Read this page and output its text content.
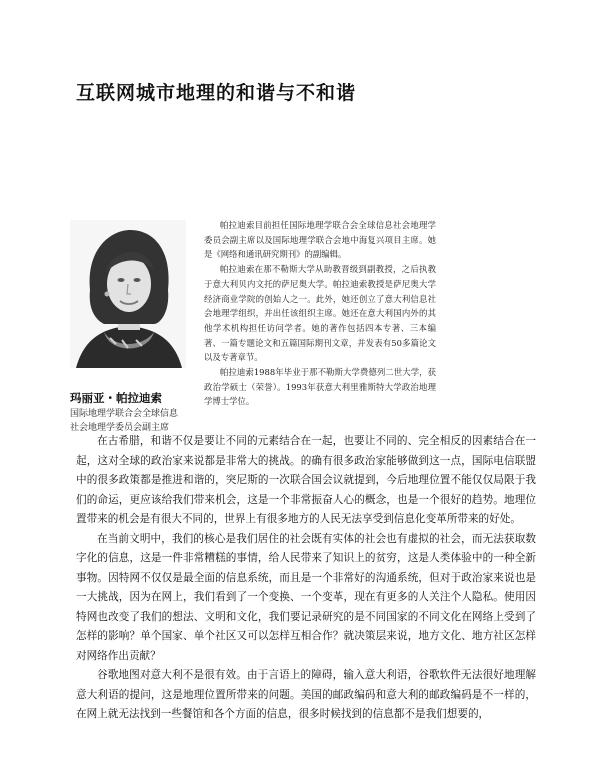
互联网城市地理的和谐与不和谐
玛丽亚・帕拉迪索
国际地理学联合会全球信息
社会地理学委员会副主席

帕拉迪索目前担任国际地理学联合会全球信息社会地理学委员会副主席以及国际地理学联合会地中海复兴项目主席。她是《网络和通讯研究期刊》的副编辑。

帕拉迪索在那不勒斯大学从助教晋级到副教授，之后执教于意大利贝内文托的萨尼奥大学。帕拉迪索教授是萨尼奥大学经济商业学院的创始人之一。此外，她还创立了意大利信息社会地理学组织，并出任该组织主席。她还在意大利国内外的其他学术机构担任访问学者。她的著作包括四本专著、三本编著、一篇专题论文和五篇国际期刊文章，并发表有50多篇论文以及专著章节。

帕拉迪索1988年毕业于那不勒斯大学费德列二世大学，获政治学硕士（荣誉）。1993年获意大利里雅斯特大学政治地理学博士学位。

在古希腊，和谐不仅是要让不同的元素结合在一起，也要让不同的、完全相反的因素结合在一起，这对全球的政治家来说都是非常大的挑战。的确有很多政治家能够做到这一点，国际电信联盟中的很多政策都是推进和谐的，突尼斯的一次联合国会议就提到，今后地理位置不能仅仅局限于我们的命运，更应该给我们带来机会，这是一个非常振奋人心的概念，也是一个很好的趋势。地理位置带来的机会是有很大不同的，世界上有很多地方的人民无法享受到信息化变革所带来的好处。

在当前文明中，我们的核心是我们居住的社会既有实体的社会也有虚拟的社会，而无法获取数字化的信息，这是一件非常糟糕的事情，给人民带来了知识上的贫穷，这是人类体验中的一种全新事物。因特网不仅仅是最全面的信息系统，而且是一个非常好的沟通系统，但对于政治家来说也是一大挑战，因为在网上，我们看到了一个变换、一个变革，现在有更多的人关注个人隐私。使用因特网也改变了我们的想法、文明和文化，我们要记录研究的是不同国家的不同文化在网络上受到了怎样的影响？单个国家、单个社区又可以怎样互相合作？就决策层来说，地方文化、地方社区怎样对网络作出贡献？

谷歌地图对意大利不是很有效。由于言语上的障碍，输入意大利语，谷歌软件无法很好地理解意大利语的提问，这是地理位置所带来的问题。美国的邮政编码和意大利的邮政编码是不一样的，在网上就无法找到一些餐馆和各个方面的信息，很多时候找到的信息都不是我们想要的，
